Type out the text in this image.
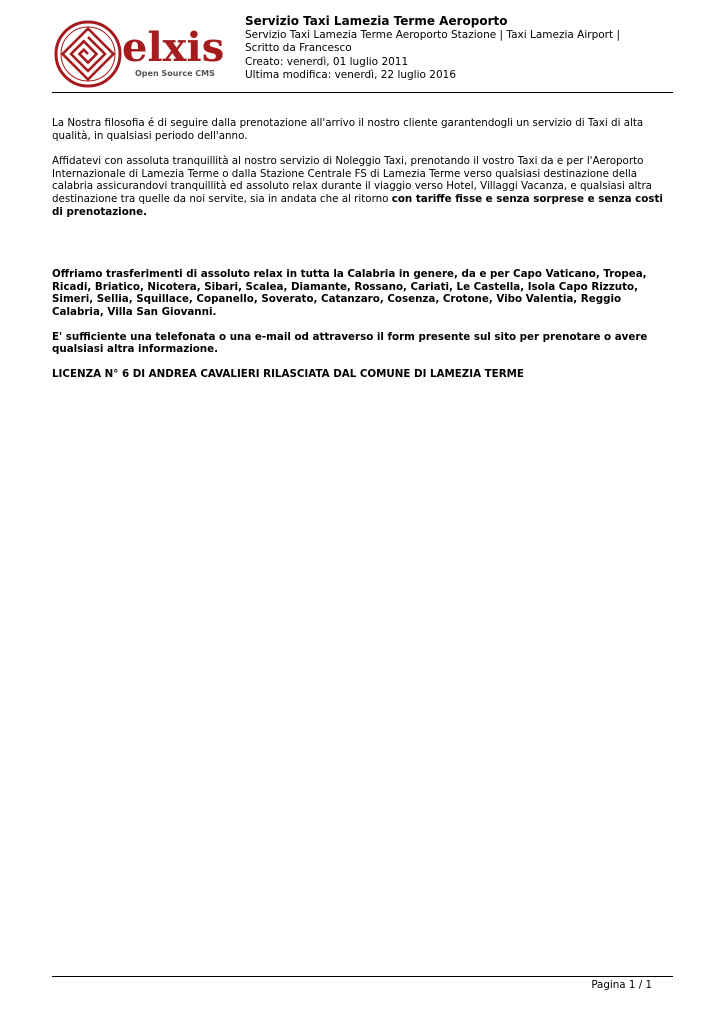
elxis
Open Source CMS
Servizio Taxi Lamezia Terme Aeroporto
Servizio Taxi Lamezia Terme Aeroporto Stazione | Taxi Lamezia Airport |
Scritto da Francesco
Creato: venerdì, 01 luglio 2011
Ultima modifica: venerdì, 22 luglio 2016

La Nostra filosofia é di seguire dalla prenotazione all'arrivo il nostro cliente garantendogli un servizio di Taxi di alta qualità, in qualsiasi periodo dell'anno.

Affidatevi con assoluta tranquillità al nostro servizio di Noleggio Taxi, prenotando il vostro Taxi da e per l'Aeroporto Internazionale di Lamezia Terme o dalla Stazione Centrale FS di Lamezia Terme verso qualsiasi destinazione della calabria assicurandovi tranquillità ed assoluto relax durante il viaggio verso Hotel, Villaggi Vacanza, e qualsiasi altra destinazione tra quelle da noi servite, sia in andata che al ritorno con tariffe fisse e senza sorprese e senza costi di prenotazione.

Offriamo trasferimenti di assoluto relax in tutta la Calabria in genere, da e per Capo Vaticano, Tropea, Ricadi, Briatico, Nicotera, Sibari, Scalea, Diamante, Rossano, Cariati, Le Castella, Isola Capo Rizzuto, Simeri, Sellia, Squillace, Copanello, Soverato, Catanzaro, Cosenza, Crotone, Vibo Valentia, Reggio Calabria, Villa San Giovanni.

E' sufficiente una telefonata o una e-mail od attraverso il form presente sul sito per prenotare o avere qualsiasi altra informazione.

LICENZA N° 6 DI ANDREA CAVALIERI RILASCIATA DAL COMUNE DI LAMEZIA TERME

Pagina 1 / 1
